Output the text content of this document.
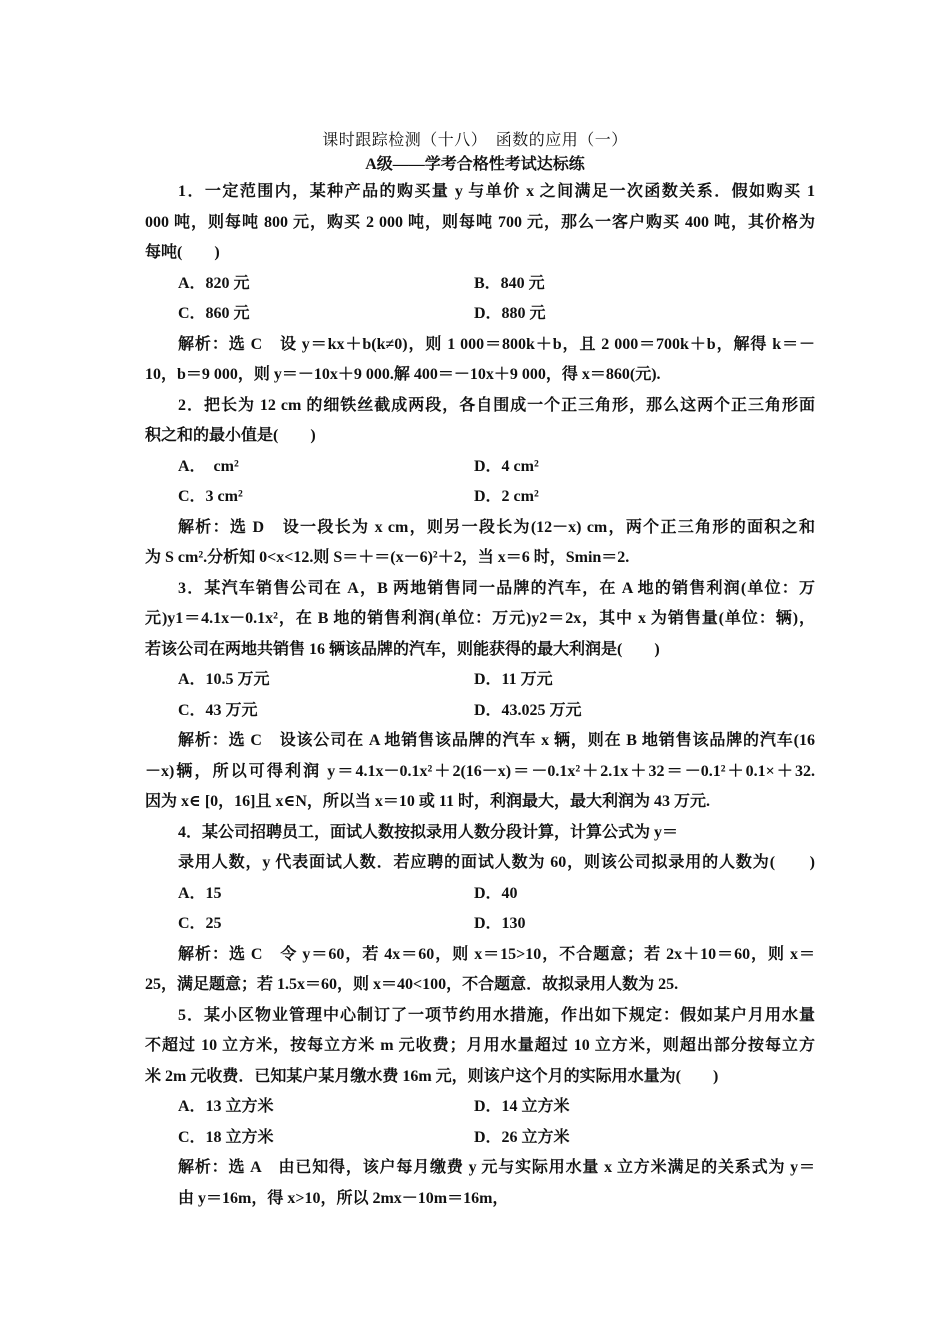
课时跟踪检测（十八）　函数的应用（一）
A级——学考合格性考试达标练
1．一定范围内，某种产品的购买量 y 与单价 x 之间满足一次函数关系．假如购买 1
000 吨，则每吨 800 元，购买 2 000 吨，则每吨 700 元，那么一客户购买 400 吨，其价格为
每吨(　　)
A．820 元	B．840 元
C．860 元	D．880 元
解析：选 C　设 y＝kx＋b(k≠0)，则 1 000＝800k＋b，且 2 000＝700k＋b，解得 k＝－
10，b＝9 000，则 y＝－10x＋9 000.解 400＝－10x＋9 000，得 x＝860(元).
2．把长为 12 cm 的细铁丝截成两段，各自围成一个正三角形，那么这两个正三角形面
积之和的最小值是(　　)
A．　cm²	D．4 cm²
C．3 cm²	D．2 cm²
解析：选 D　设一段长为 x cm，则另一段长为(12－x) cm，两个正三角形的面积之和
为 S cm².分析知 0<x<12.则 S＝＋＝(x－6)²＋2，当 x＝6 时，Smin＝2.
3．某汽车销售公司在 A，B 两地销售同一品牌的汽车，在 A 地的销售利润(单位：万
元)y1＝4.1x－0.1x²，在 B 地的销售利润(单位：万元)y2＝2x，其中 x 为销售量(单位：辆)，
若该公司在两地共销售 16 辆该品牌的汽车，则能获得的最大利润是(　　)
A．10.5 万元	D．11 万元
C．43 万元	D．43.025 万元
解析：选 C　设该公司在 A 地销售该品牌的汽车 x 辆，则在 B 地销售该品牌的汽车(16
－x)辆，所以可得利润 y＝4.1x－0.1x²＋2(16－x)＝－0.1x²＋2.1x＋32＝－0.1²＋0.1×＋32.
因为 x∈ [0，16]且 x∈N，所以当 x＝10 或 11 时，利润最大，最大利润为 43 万元.
4．某公司招聘员工，面试人数按拟录用人数分段计算，计算公式为 y＝
录用人数，y 代表面试人数．若应聘的面试人数为 60，则该公司拟录用的人数为(　　)
A．15	D．40
C．25	D．130
解析：选 C　令 y＝60，若 4x＝60，则 x＝15>10，不合题意；若 2x＋10＝60，则 x＝
25，满足题意；若 1.5x＝60，则 x＝40<100，不合题意．故拟录用人数为 25.
5．某小区物业管理中心制订了一项节约用水措施，作出如下规定：假如某户月用水量
不超过 10 立方米，按每立方米 m 元收费；月用水量超过 10 立方米，则超出部分按每立方
米 2m 元收费．已知某户某月缴水费 16m 元，则该户这个月的实际用水量为(　　)
A．13 立方米	D．14 立方米
C．18 立方米	D．26 立方米
解析：选 A　由已知得，该户每月缴费 y 元与实际用水量 x 立方米满足的关系式为 y＝
由 y＝16m，得 x>10，所以 2mx－10m＝16m，
